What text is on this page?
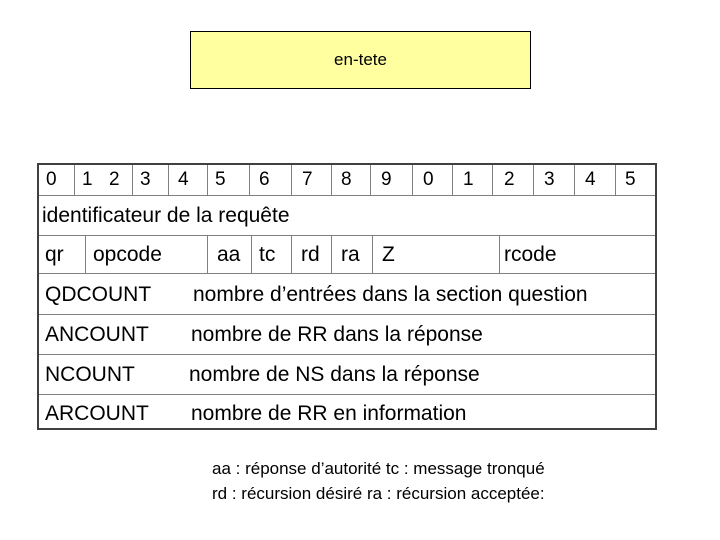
en-tete
0 1 2 3 4 5 6 7 8 9 0 1 2 3 4 5
identificateur de la requête
qr opcode	aa tc rd ra Z	rcode
QDCOUNT nombre d’entrées dans la section question
ANCOUNT nombre de RR dans la réponse
NCOUNT	nombre de NS dans la réponse
ARCOUNT nombre de RR en information
aa : réponse d’autorité tc : message tronqué
rd : récursion désiré ra : récursion acceptée:
